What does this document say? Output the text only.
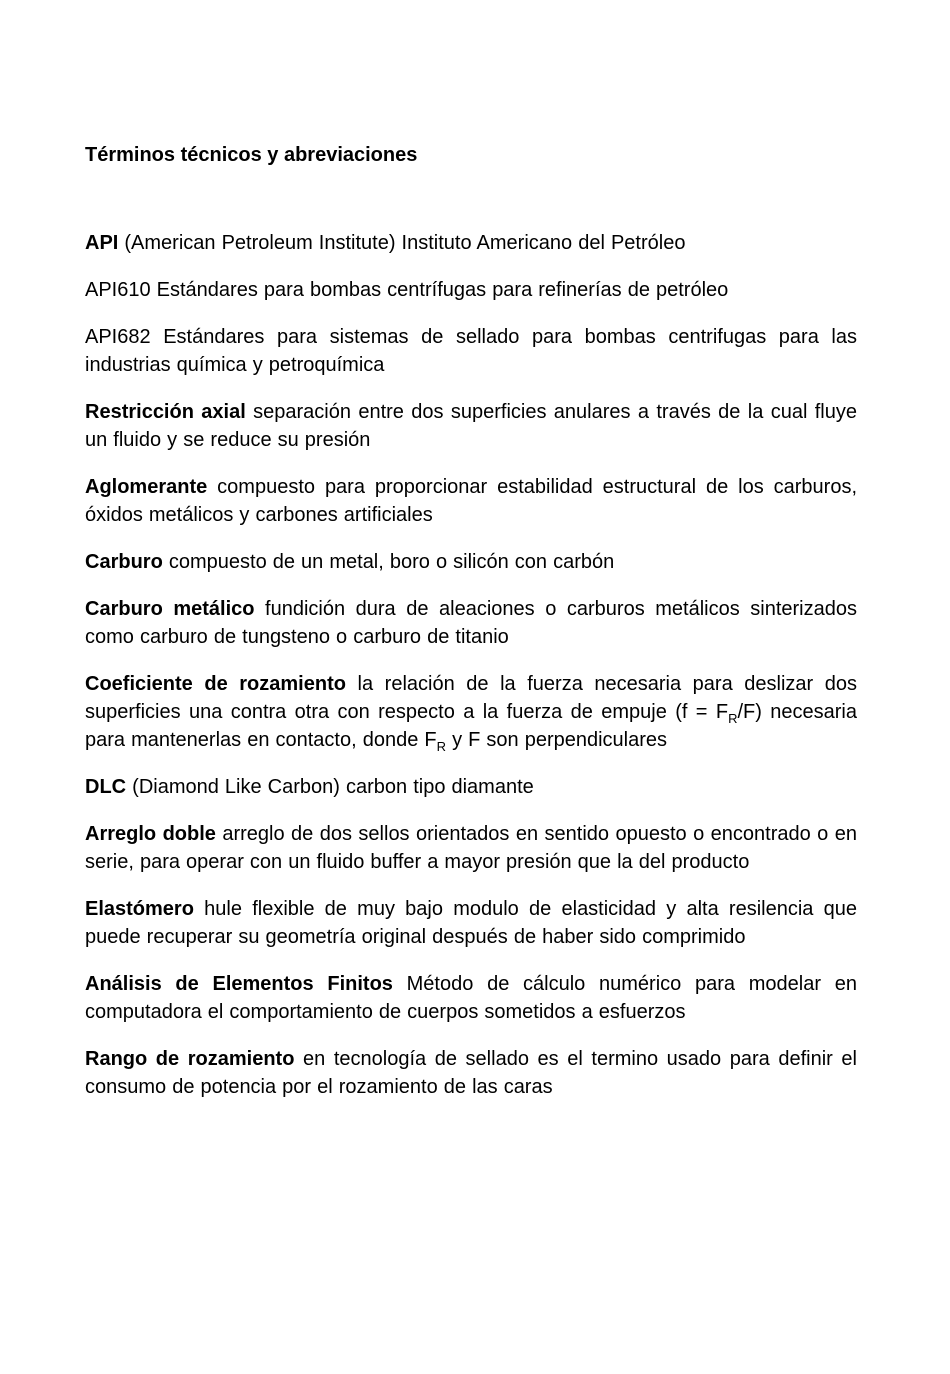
Términos técnicos y abreviaciones

API (American Petroleum Institute) Instituto Americano del Petróleo

API610 Estándares para bombas centrífugas para refinerías de petróleo

API682 Estándares para sistemas de sellado para bombas centrifugas para las industrias química y petroquímica

Restricción axial separación entre dos superficies anulares a través de la cual fluye un fluido y se reduce su presión

Aglomerante compuesto para proporcionar estabilidad estructural de los carburos, óxidos metálicos y carbones artificiales

Carburo compuesto de un metal, boro o silicón con carbón

Carburo metálico fundición dura de aleaciones o carburos metálicos sinterizados como carburo de tungsteno o carburo de titanio

Coeficiente de rozamiento la relación de la fuerza necesaria para deslizar dos superficies una contra otra con respecto a la fuerza de empuje $(f = F_R/F)$ necesaria para mantenerlas en contacto, donde $F_R$ y F son perpendiculares

DLC (Diamond Like Carbon) carbon tipo diamante

Arreglo doble arreglo de dos sellos orientados en sentido opuesto o encontrado o en serie, para operar con un fluido buffer a mayor presión que la del producto

Elastómero hule flexible de muy bajo modulo de elasticidad y alta resilencia que puede recuperar su geometría original después de haber sido comprimido

Análisis de Elementos Finitos Método de cálculo numérico para modelar en computadora el comportamiento de cuerpos sometidos a esfuerzos

Rango de rozamiento en tecnología de sellado es el termino usado para definir el consumo de potencia por el rozamiento de las caras
